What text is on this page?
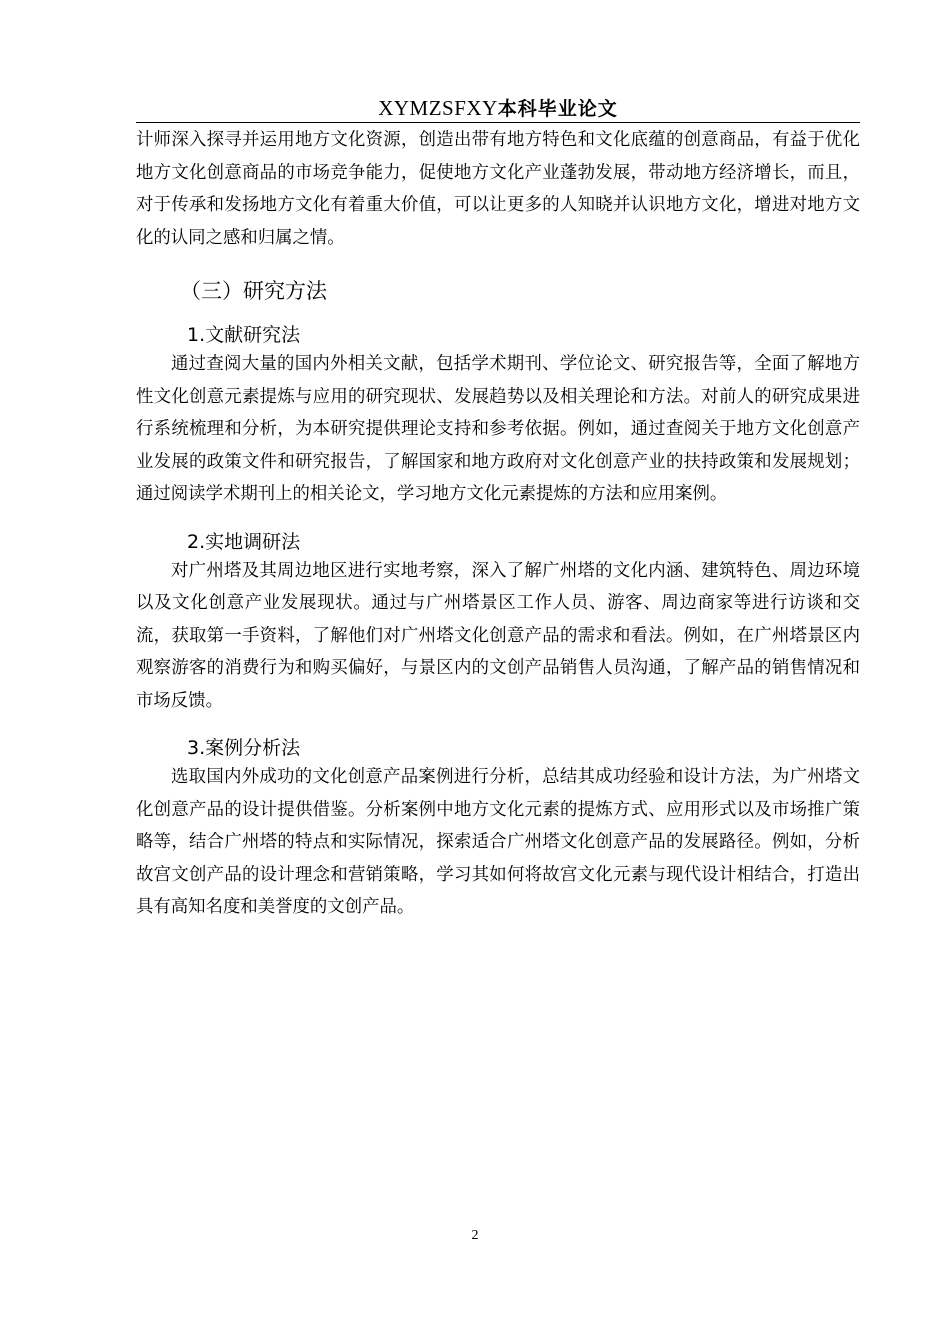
XYMZSFXY本科毕业论文

计师深入探寻并运用地方文化资源，创造出带有地方特色和文化底蕴的创意商品，有益于优化地方文化创意商品的市场竞争能力，促使地方文化产业蓬勃发展，带动地方经济增长，而且，对于传承和发扬地方文化有着重大价值，可以让更多的人知晓并认识地方文化，增进对地方文化的认同之感和归属之情。

（三）研究方法
1.文献研究法

通过查阅大量的国内外相关文献，包括学术期刊、学位论文、研究报告等，全面了解地方性文化创意元素提炼与应用的研究现状、发展趋势以及相关理论和方法。对前人的研究成果进行系统梳理和分析，为本研究提供理论支持和参考依据。例如，通过查阅关于地方文化创意产业发展的政策文件和研究报告，了解国家和地方政府对文化创意产业的扶持政策和发展规划；通过阅读学术期刊上的相关论文，学习地方文化元素提炼的方法和应用案例。

2.实地调研法

对广州塔及其周边地区进行实地考察，深入了解广州塔的文化内涵、建筑特色、周边环境以及文化创意产业发展现状。通过与广州塔景区工作人员、游客、周边商家等进行访谈和交流，获取第一手资料，了解他们对广州塔文化创意产品的需求和看法。例如，在广州塔景区内观察游客的消费行为和购买偏好，与景区内的文创产品销售人员沟通，了解产品的销售情况和市场反馈。

3.案例分析法

选取国内外成功的文化创意产品案例进行分析，总结其成功经验和设计方法，为广州塔文化创意产品的设计提供借鉴。分析案例中地方文化元素的提炼方式、应用形式以及市场推广策略等，结合广州塔的特点和实际情况，探索适合广州塔文化创意产品的发展路径。例如，分析故宫文创产品的设计理念和营销策略，学习其如何将故宫文化元素与现代设计相结合，打造出具有高知名度和美誉度的文创产品。

2
